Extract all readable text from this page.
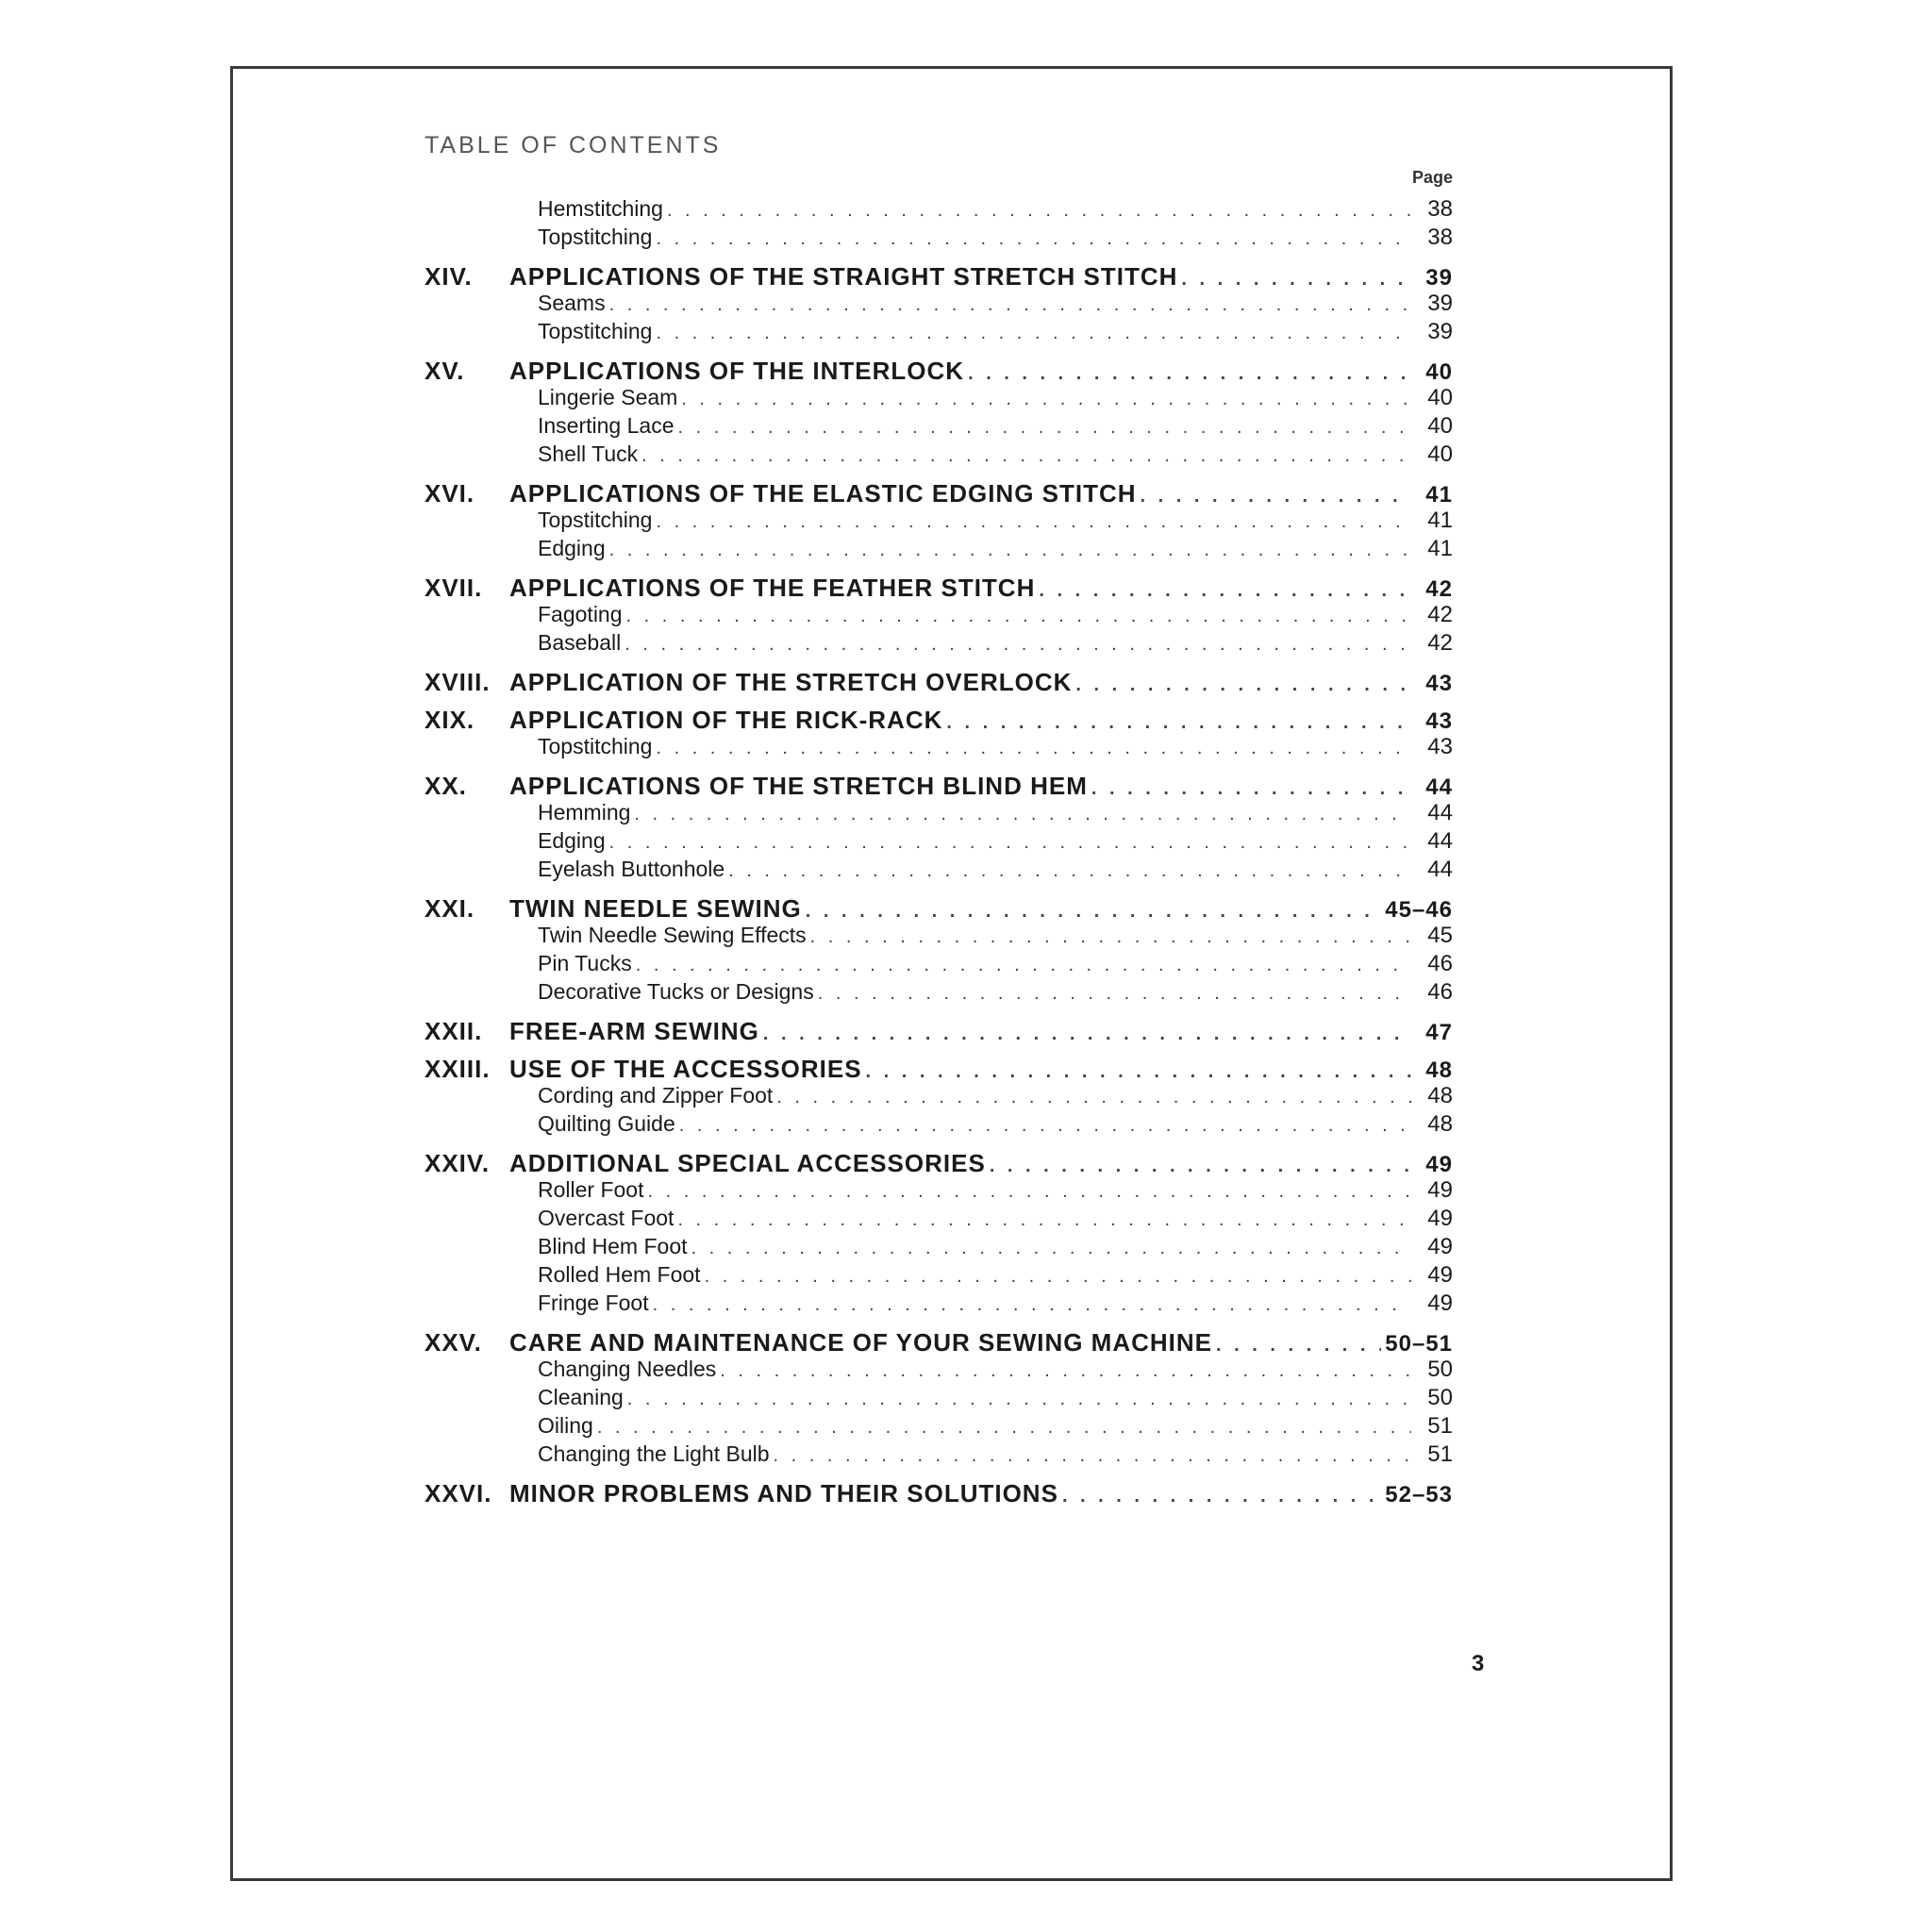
TABLE OF CONTENTS
Page
Hemstitching . . .	38
Topstitching . . .	38
XIV. APPLICATIONS OF THE STRAIGHT STRETCH STITCH . . .	39
Seams . . .	39
Topstitching . . .	39
XV. APPLICATIONS OF THE INTERLOCK . . .	40
Lingerie Seam . . .	40
Inserting Lace . . .	40
Shell Tuck . . .	40
XVI. APPLICATIONS OF THE ELASTIC EDGING STITCH . . .	41
Topstitching . . .	41
Edging . . .	41
XVII. APPLICATIONS OF THE FEATHER STITCH . . .	42
Fagoting . . .	42
Baseball . . .	42
XVIII. APPLICATION OF THE STRETCH OVERLOCK . . .	43
XIX. APPLICATION OF THE RICK-RACK . . .	43
Topstitching . . .	43
XX. APPLICATIONS OF THE STRETCH BLIND HEM . . .	44
Hemming . . .	44
Edging . . .	44
Eyelash Buttonhole . . .	44
XXI. TWIN NEEDLE SEWING . . .	45–46
Twin Needle Sewing Effects . . .	45
Pin Tucks . . .	46
Decorative Tucks or Designs . . .	46
XXII. FREE-ARM SEWING . . .	47
XXIII. USE OF THE ACCESSORIES . . .	48
Cording and Zipper Foot . . .	48
Quilting Guide . . .	48
XXIV. ADDITIONAL SPECIAL ACCESSORIES . . .	49
Roller Foot . . .	49
Overcast Foot . . .	49
Blind Hem Foot . . .	49
Rolled Hem Foot . . .	49
Fringe Foot . . .	49
XXV. CARE AND MAINTENANCE OF YOUR SEWING MACHINE . . .	50–51
Changing Needles . . .	50
Cleaning . . .	50
Oiling . . .	51
Changing the Light Bulb . . .	51
XXVI. MINOR PROBLEMS AND THEIR SOLUTIONS . . .	52–53
3
